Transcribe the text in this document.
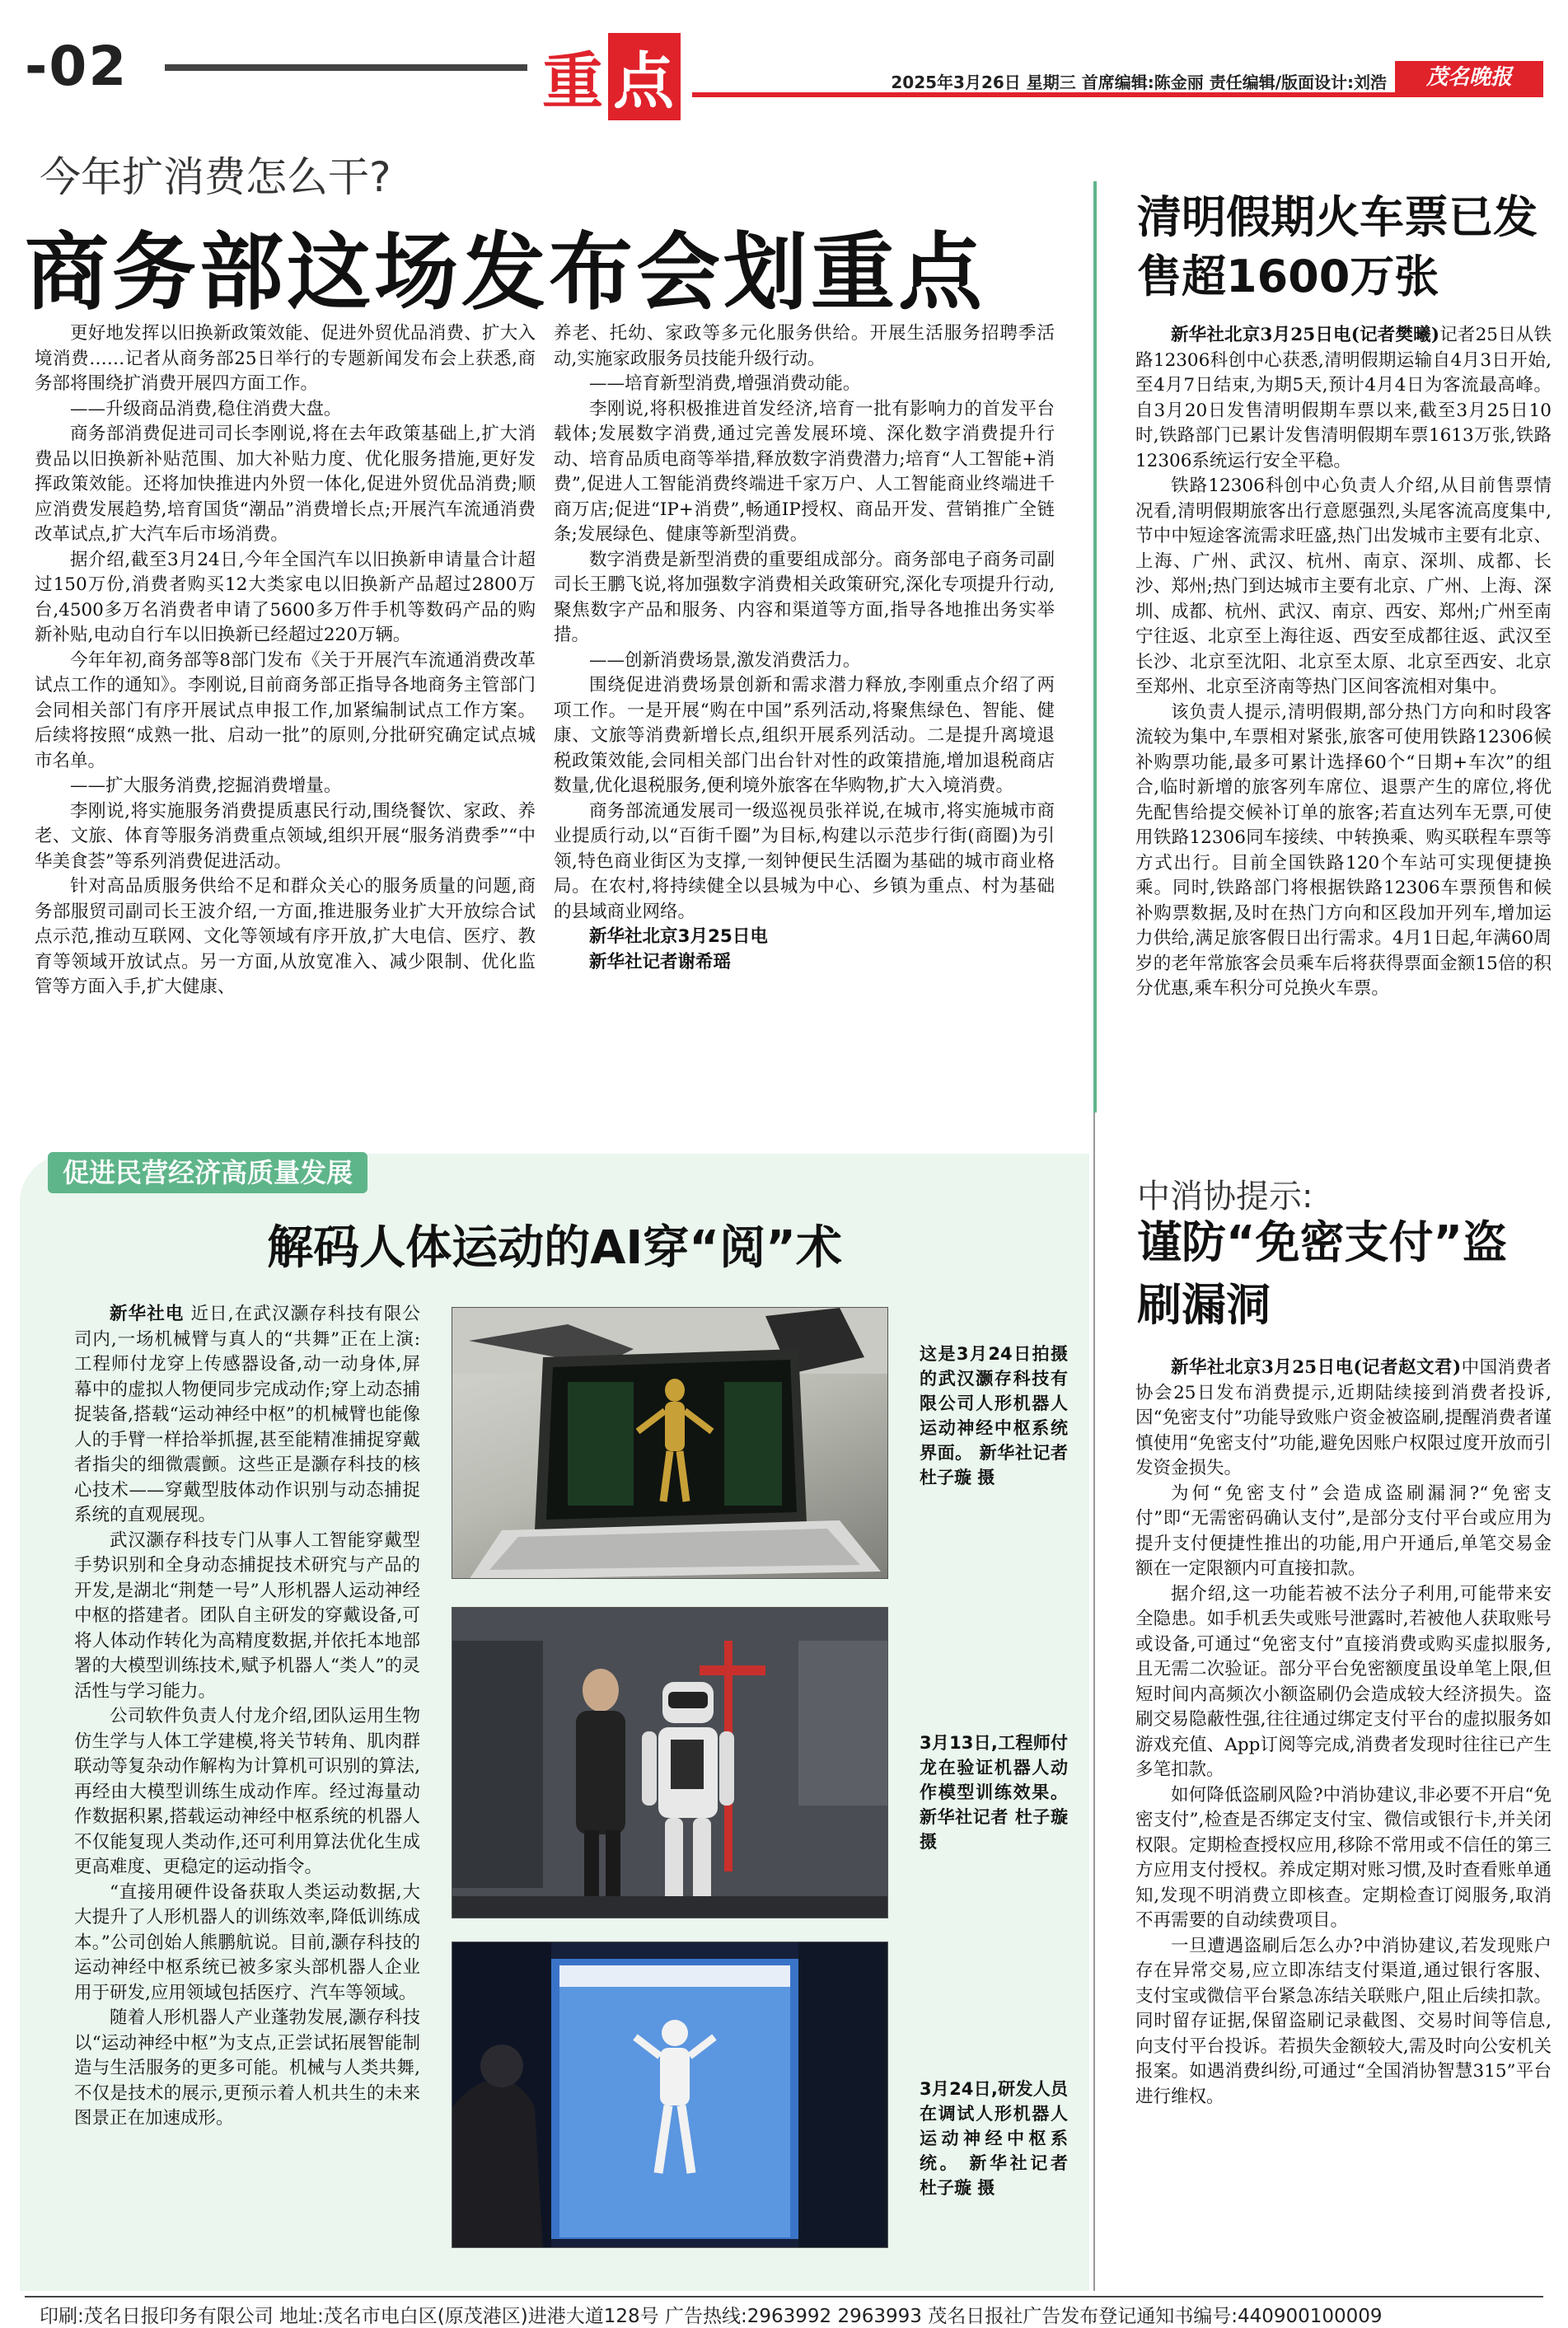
-02	重 点	2025年3月26日 星期三 首席编辑:陈金丽 责任编辑/版面设计:刘浩	茂名晚报
今年扩消费怎么干?
商务部这场发布会划重点

更好地发挥以旧换新政策效能、促进外贸优品消费、扩大入境消费……记者从商务部25日举行的专题新闻发布会上获悉,商务部将围绕扩消费开展四方面工作。

——升级商品消费,稳住消费大盘。

商务部消费促进司司长李刚说,将在去年政策基础上,扩大消费品以旧换新补贴范围、加大补贴力度、优化服务措施,更好发挥政策效能。还将加快推进内外贸一体化,促进外贸优品消费;顺应消费发展趋势,培育国货“潮品”消费增长点;开展汽车流通消费改革试点,扩大汽车后市场消费。

据介绍,截至3月24日,今年全国汽车以旧换新申请量合计超过150万份,消费者购买12大类家电以旧换新产品超过2800万台,4500多万名消费者申请了5600多万件手机等数码产品的购新补贴,电动自行车以旧换新已经超过220万辆。

今年年初,商务部等8部门发布《关于开展汽车流通消费改革试点工作的通知》。李刚说,目前商务部正指导各地商务主管部门会同相关部门有序开展试点申报工作,加紧编制试点工作方案。后续将按照“成熟一批、启动一批”的原则,分批研究确定试点城市名单。

——扩大服务消费,挖掘消费增量。

李刚说,将实施服务消费提质惠民行动,围绕餐饮、家政、养老、文旅、体育等服务消费重点领域,组织开展“服务消费季”“中华美食荟”等系列消费促进活动。

针对高品质服务供给不足和群众关心的服务质量的问题,商务部服贸司副司长王波介绍,一方面,推进服务业扩大开放综合试点示范,推动互联网、文化等领域有序开放,扩大电信、医疗、教育等领域开放试点。另一方面,从放宽准入、减少限制、优化监管等方面入手,扩大健康、

养老、托幼、家政等多元化服务供给。开展生活服务招聘季活动,实施家政服务员技能升级行动。

——培育新型消费,增强消费动能。

李刚说,将积极推进首发经济,培育一批有影响力的首发平台载体;发展数字消费,通过完善发展环境、深化数字消费提升行动、培育品质电商等举措,释放数字消费潜力;培育“人工智能+消费”,促进人工智能消费终端进千家万户、人工智能商业终端进千商万店;促进“IP+消费”,畅通IP授权、商品开发、营销推广全链条;发展绿色、健康等新型消费。

数字消费是新型消费的重要组成部分。商务部电子商务司副司长王鹏飞说,将加强数字消费相关政策研究,深化专项提升行动,聚焦数字产品和服务、内容和渠道等方面,指导各地推出务实举措。

——创新消费场景,激发消费活力。

围绕促进消费场景创新和需求潜力释放,李刚重点介绍了两项工作。一是开展“购在中国”系列活动,将聚焦绿色、智能、健康、文旅等消费新增长点,组织开展系列活动。二是提升离境退税政策效能,会同相关部门出台针对性的政策措施,增加退税商店数量,优化退税服务,便利境外旅客在华购物,扩大入境消费。

商务部流通发展司一级巡视员张祥说,在城市,将实施城市商业提质行动,以“百街千圈”为目标,构建以示范步行街(商圈)为引领,特色商业街区为支撑,一刻钟便民生活圈为基础的城市商业格局。在农村,将持续健全以县城为中心、乡镇为重点、村为基础的县域商业网络。

新华社北京3月25日电

新华社记者谢希瑶

清明假期火车票已发售超1600万张

新华社北京3月25日电(记者樊曦)记者25日从铁路12306科创中心获悉,清明假期运输自4月3日开始,至4月7日结束,为期5天,预计4月4日为客流最高峰。自3月20日发售清明假期车票以来,截至3月25日10时,铁路部门已累计发售清明假期车票1613万张,铁路12306系统运行安全平稳。

铁路12306科创中心负责人介绍,从目前售票情况看,清明假期旅客出行意愿强烈,头尾客流高度集中,节中中短途客流需求旺盛,热门出发城市主要有北京、上海、广州、武汉、杭州、南京、深圳、成都、长沙、郑州;热门到达城市主要有北京、广州、上海、深圳、成都、杭州、武汉、南京、西安、郑州;广州至南宁往返、北京至上海往返、西安至成都往返、武汉至长沙、北京至沈阳、北京至太原、北京至西安、北京至郑州、北京至济南等热门区间客流相对集中。

该负责人提示,清明假期,部分热门方向和时段客流较为集中,车票相对紧张,旅客可使用铁路12306候补购票功能,最多可累计选择60个“日期+车次”的组合,临时新增的旅客列车席位、退票产生的席位,将优先配售给提交候补订单的旅客;若直达列车无票,可使用铁路12306同车接续、中转换乘、购买联程车票等方式出行。目前全国铁路120个车站可实现便捷换乘。同时,铁路部门将根据铁路12306车票预售和候补购票数据,及时在热门方向和区段加开列车,增加运力供给,满足旅客假日出行需求。4月1日起,年满60周岁的老年常旅客会员乘车后将获得票面金额15倍的积分优惠,乘车积分可兑换火车票。

中消协提示:
谨防“免密支付”盗刷漏洞

新华社北京3月25日电(记者赵文君)中国消费者协会25日发布消费提示,近期陆续接到消费者投诉,因“免密支付”功能导致账户资金被盗刷,提醒消费者谨慎使用“免密支付”功能,避免因账户权限过度开放而引发资金损失。

为何“免密支付”会造成盗刷漏洞?“免密支付”即“无需密码确认支付”,是部分支付平台或应用为提升支付便捷性推出的功能,用户开通后,单笔交易金额在一定限额内可直接扣款。

据介绍,这一功能若被不法分子利用,可能带来安全隐患。如手机丢失或账号泄露时,若被他人获取账号或设备,可通过“免密支付”直接消费或购买虚拟服务,且无需二次验证。部分平台免密额度虽设单笔上限,但短时间内高频次小额盗刷仍会造成较大经济损失。盗刷交易隐蔽性强,往往通过绑定支付平台的虚拟服务如游戏充值、App订阅等完成,消费者发现时往往已产生多笔扣款。

如何降低盗刷风险?中消协建议,非必要不开启“免密支付”,检查是否绑定支付宝、微信或银行卡,并关闭权限。定期检查授权应用,移除不常用或不信任的第三方应用支付授权。养成定期对账习惯,及时查看账单通知,发现不明消费立即核查。定期检查订阅服务,取消不再需要的自动续费项目。

一旦遭遇盗刷后怎么办?中消协建议,若发现账户存在异常交易,应立即冻结支付渠道,通过银行客服、支付宝或微信平台紧急冻结关联账户,阻止后续扣款。同时留存证据,保留盗刷记录截图、交易时间等信息,向支付平台投诉。若损失金额较大,需及时向公安机关报案。如遇消费纠纷,可通过“全国消协智慧315”平台进行维权。

促进民营经济高质量发展
解码人体运动的AI穿“阅”术

新华社电 近日,在武汉灏存科技有限公司内,一场机械臂与真人的“共舞”正在上演:工程师付龙穿上传感器设备,动一动身体,屏幕中的虚拟人物便同步完成动作;穿上动态捕捉装备,搭载“运动神经中枢”的机械臂也能像人的手臂一样拾举抓握,甚至能精准捕捉穿戴者指尖的细微震颤。这些正是灏存科技的核心技术——穿戴型肢体动作识别与动态捕捉系统的直观展现。

武汉灏存科技专门从事人工智能穿戴型手势识别和全身动态捕捉技术研究与产品的开发,是湖北“荆楚一号”人形机器人运动神经中枢的搭建者。团队自主研发的穿戴设备,可将人体动作转化为高精度数据,并依托本地部署的大模型训练技术,赋予机器人“类人”的灵活性与学习能力。

公司软件负责人付龙介绍,团队运用生物仿生学与人体工学建模,将关节转角、肌肉群联动等复杂动作解构为计算机可识别的算法,再经由大模型训练生成动作库。经过海量动作数据积累,搭载运动神经中枢系统的机器人不仅能复现人类动作,还可利用算法优化生成更高难度、更稳定的运动指令。

“直接用硬件设备获取人类运动数据,大大提升了人形机器人的训练效率,降低训练成本。”公司创始人熊鹏航说。目前,灏存科技的运动神经中枢系统已被多家头部机器人企业用于研发,应用领域包括医疗、汽车等领域。

随着人形机器人产业蓬勃发展,灏存科技以“运动神经中枢”为支点,正尝试拓展智能制造与生活服务的更多可能。机械与人类共舞,不仅是技术的展示,更预示着人机共生的未来图景正在加速成形。

这是3月24日拍摄的武汉灏存科技有限公司人形机器人运动神经中枢系统界面。 新华社记者 杜子璇 摄
3月13日,工程师付龙在验证机器人动作模型训练效果。 新华社记者 杜子璇 摄
3月24日,研发人员在调试人形机器人运动神经中枢系统。 新华社记者 杜子璇 摄
印刷:茂名日报印务有限公司 地址:茂名市电白区(原茂港区)进港大道128号 广告热线:2963992 2963993 茂名日报社广告发布登记通知书编号:440900100009
